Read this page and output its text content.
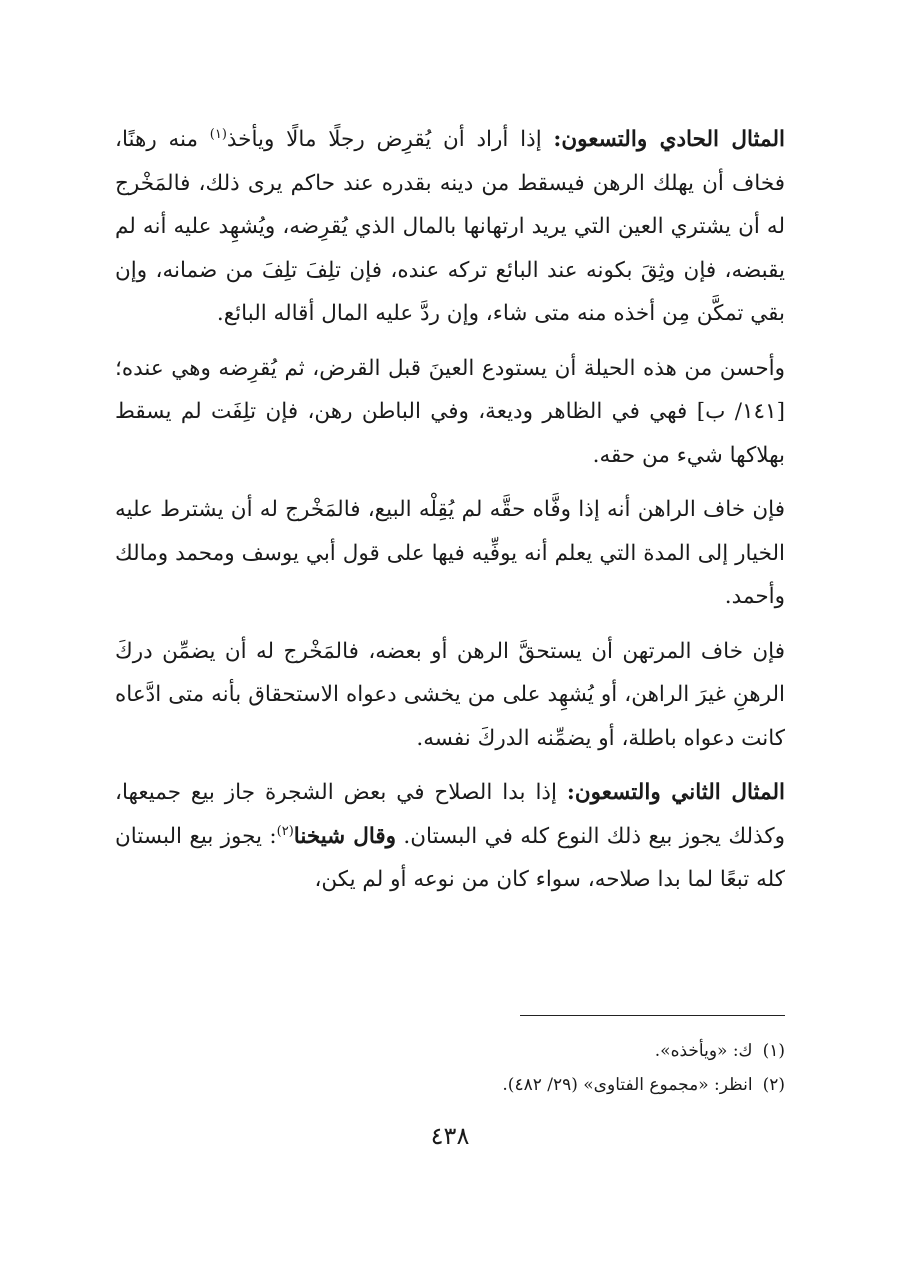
المثال الحادي والتسعون: إذا أراد أن يُقرِض رجلًا مالًا ويأخذ$^{(١)}$ منه رهنًا، فخاف أن يهلك الرهن فيسقط من دينه بقدره عند حاكم يرى ذلك، فالمَخْرج له أن يشتري العين التي يريد ارتهانها بالمال الذي يُقرِضه، ويُشهِد عليه أنه لم يقبضه، فإن وثِقَ بكونه عند البائع تركه عنده، فإن تلِفَ تلِفَ من ضمانه، وإن بقي تمكَّن مِن أخذه منه متى شاء، وإن ردَّ عليه المال أقاله البائع.

وأحسن من هذه الحيلة أن يستودع العينَ قبل القرض، ثم يُقرِضه وهي عنده؛ [١٤١/ ب] فهي في الظاهر وديعة، وفي الباطن رهن، فإن تلِفَت لم يسقط بهلاكها شيء من حقه.

فإن خاف الراهن أنه إذا وفَّاه حقَّه لم يُقِلْه البيع، فالمَخْرج له أن يشترط عليه الخيار إلى المدة التي يعلم أنه يوفِّيه فيها على قول أبي يوسف ومحمد ومالك وأحمد.

فإن خاف المرتهن أن يستحقَّ الرهن أو بعضه، فالمَخْرج له أن يضمِّن دركَ الرهنِ غيرَ الراهن، أو يُشهِد على من يخشى دعواه الاستحقاق بأنه متى ادَّعاه كانت دعواه باطلة، أو يضمِّنه الدركَ نفسه.

المثال الثاني والتسعون: إذا بدا الصلاح في بعض الشجرة جاز بيع جميعها، وكذلك يجوز بيع ذلك النوع كله في البستان. وقال شيخنا$^{(٢)}$: يجوز بيع البستان كله تبعًا لما بدا صلاحه، سواء كان من نوعه أو لم يكن،

(١)ك: «ويأخذه».

(٢)انظر: «مجموع الفتاوى» (٢٩/ ٤٨٢).

٤٣٨
